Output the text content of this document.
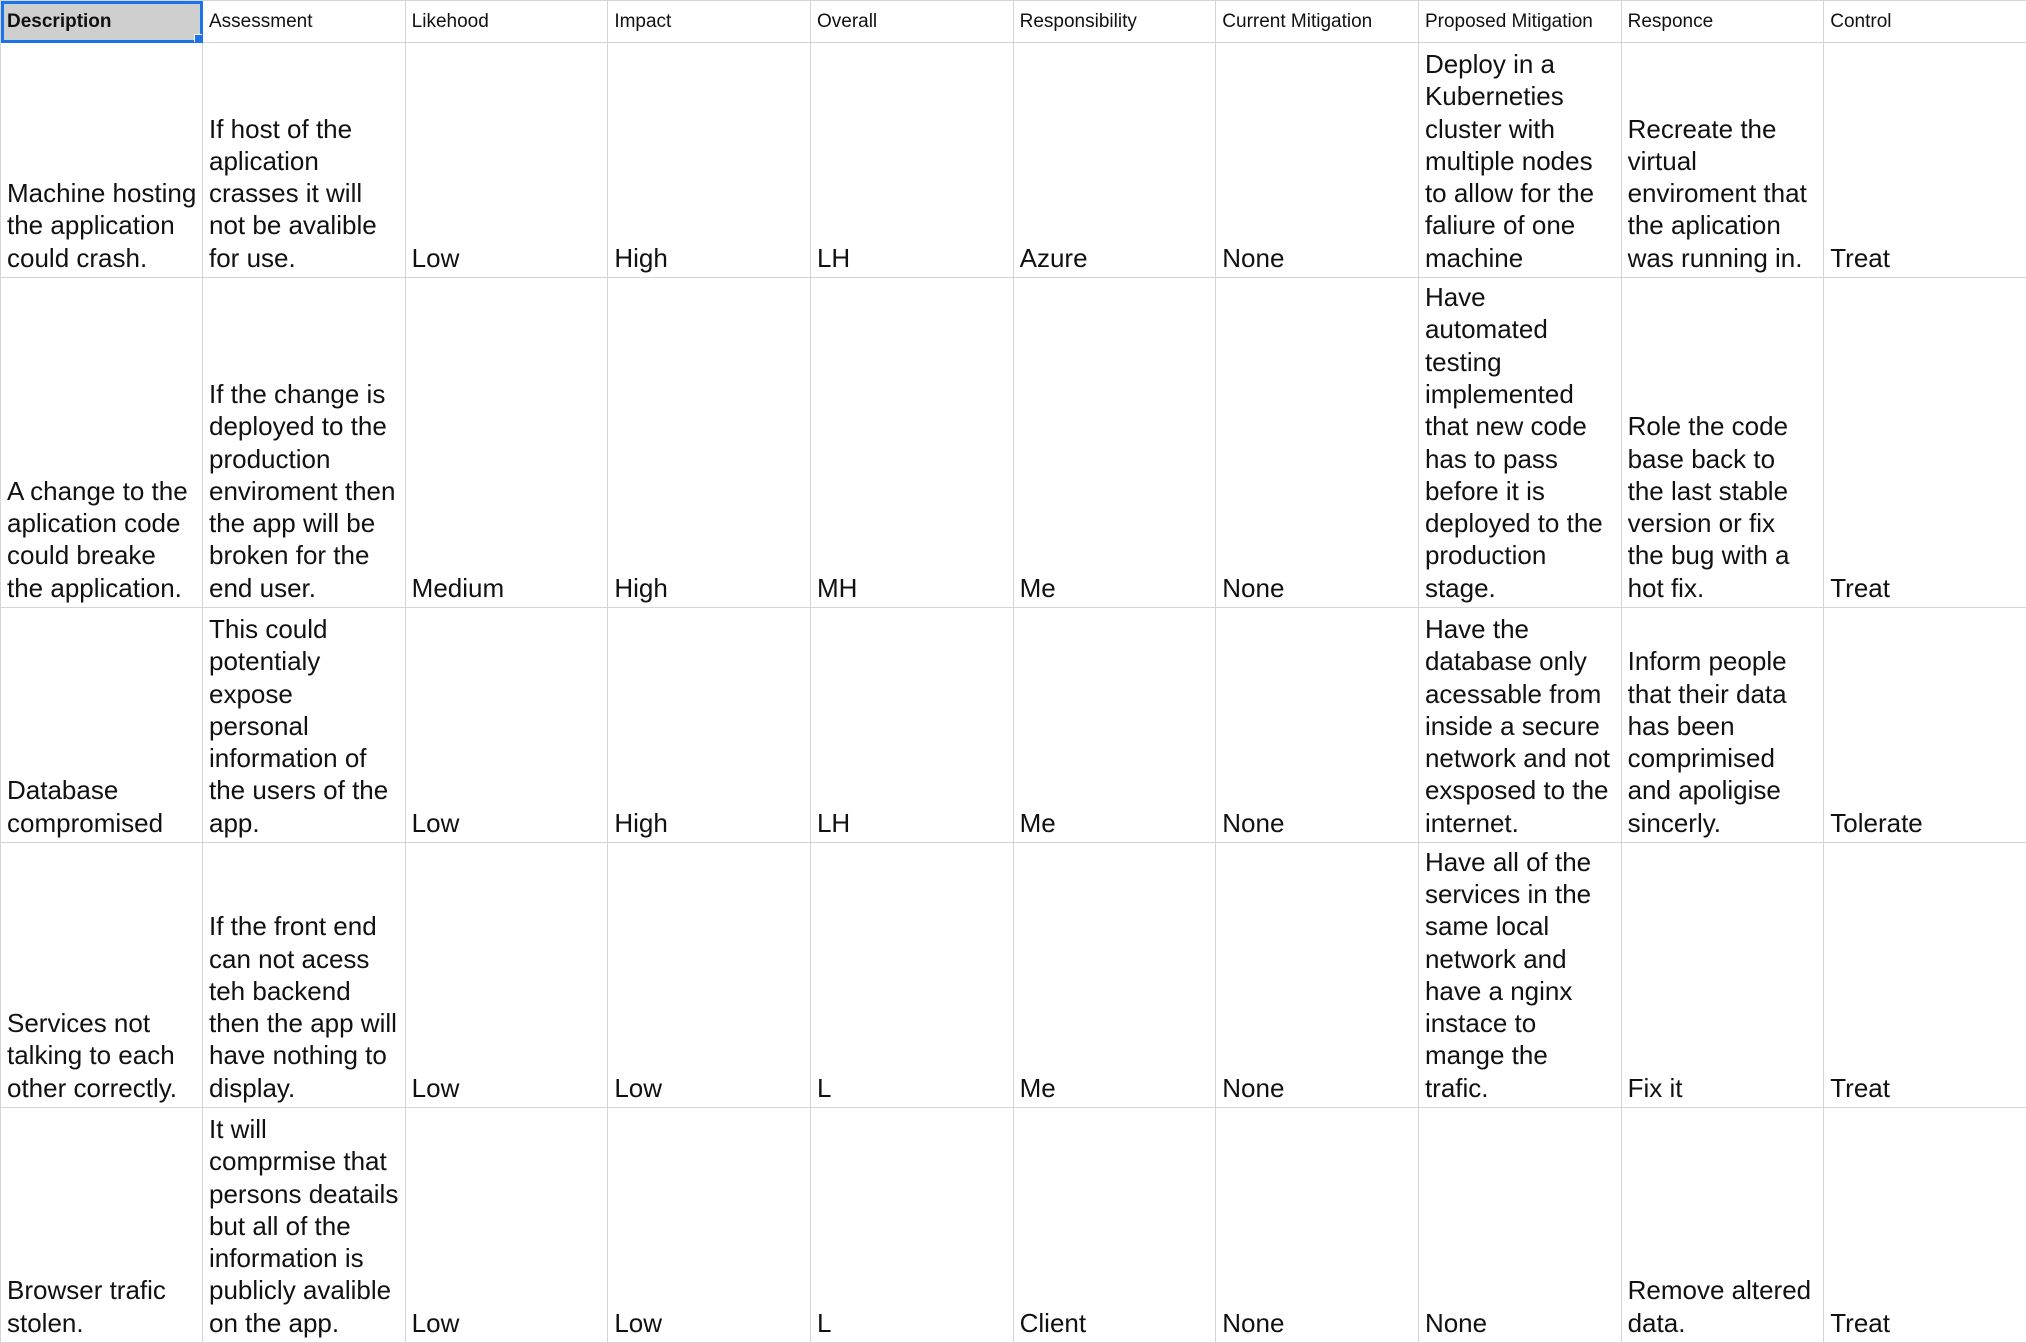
Description	Assessment	Likehood	Impact	Overall	Responsibility	Current Mitigation	Proposed Mitigation	Responce	Control
Machine hosting the application could crash.	If host of the aplication crasses it will not be avalible for use.	Low	High	LH	Azure	None	Deploy in a Kuberneties cluster with multiple nodes to allow for the faliure of one machine	Recreate the virtual enviroment that the aplication was running in.	Treat
A change to the aplication code could breake the application.	If the change is deployed to the production enviroment then the app will be broken for the end user.	Medium	High	MH	Me	None	Have automated testing implemented that new code has to pass before it is deployed to the production stage.	Role the code base back to the last stable version or fix the bug with a hot fix.	Treat
Database compromised	This could potentialy expose personal information of the users of the app.	Low	High	LH	Me	None	Have the database only acessable from inside a secure network and not exsposed to the internet.	Inform people that their data has been comprimised and apoligise sincerly.	Tolerate
Services not talking to each other correctly.	If the front end can not acess teh backend then the app will have nothing to display.	Low	Low	L	Me	None	Have all of the services in the same local network and have a nginx instace to mange the trafic.	Fix it	Treat
Browser trafic stolen.	It will comprmise that persons deatails but all of the information is publicly avalible on the app.	Low	Low	L	Client	None	None	Remove altered data.	Treat
